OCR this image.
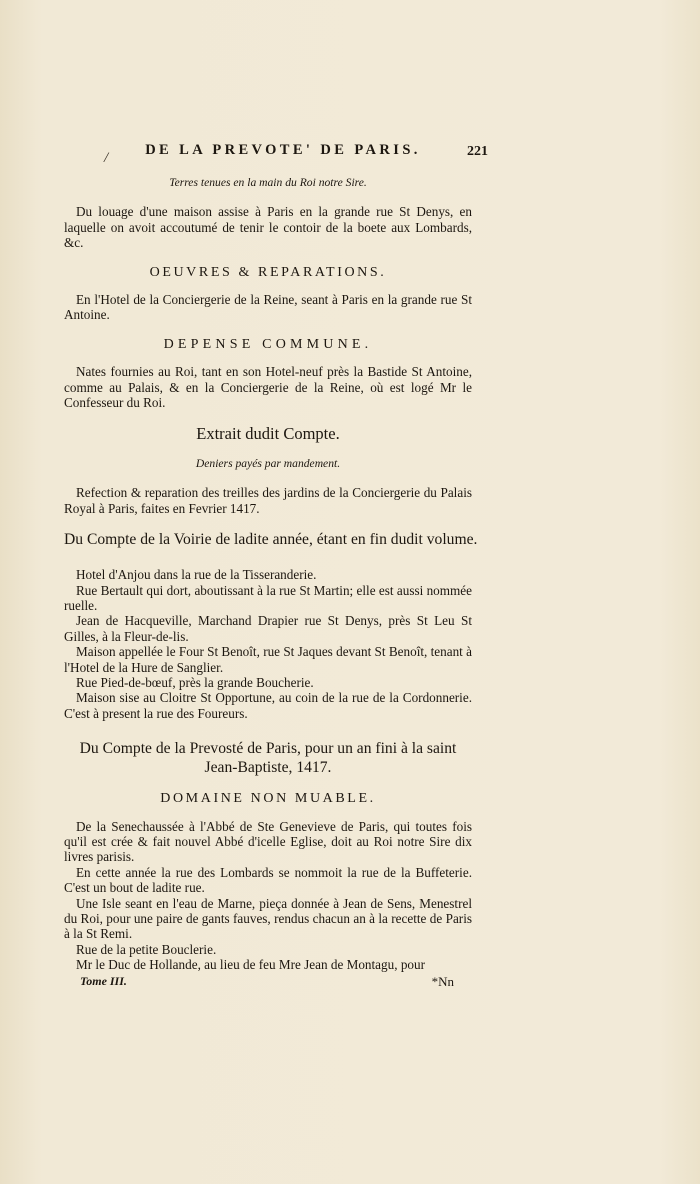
/	DE LA PREVOTE' DE PARIS.	221
Terres tenues en la main du Roi notre Sire.

Du louage d'une maison assise à Paris en la grande rue St Denys, en laquelle on avoit accoutumé de tenir le contoir de la boete aux Lombards, &c.

OEUVRES & REPARATIONS.

En l'Hotel de la Conciergerie de la Reine, seant à Paris en la grande rue St Antoine.

DEPENSE COMMUNE.

Nates fournies au Roi, tant en son Hotel-neuf près la Bastide St Antoine, comme au Palais, & en la Conciergerie de la Reine, où est logé Mr le Confesseur du Roi.

Extrait dudit Compte.
Deniers payés par mandement.

Refection & reparation des treilles des jardins de la Conciergerie du Palais Royal à Paris, faites en Fevrier 1417.

Du Compte de la Voirie de ladite année, étant en fin dudit volume.

Hotel d'Anjou dans la rue de la Tisseranderie.

Rue Bertault qui dort, aboutissant à la rue St Martin; elle est aussi nommée ruelle.

Jean de Hacqueville, Marchand Drapier rue St Denys, près St Leu St Gilles, à la Fleur-de-lis.

Maison appellée le Four St Benoît, rue St Jaques devant St Benoît, tenant à l'Hotel de la Hure de Sanglier.

Rue Pied-de-bœuf, près la grande Boucherie.

Maison sise au Cloitre St Opportune, au coin de la rue de la Cordonnerie. C'est à present la rue des Foureurs.

Du Compte de la Prevosté de Paris, pour un an fini à la saint Jean-Baptiste, 1417.
DOMAINE NON MUABLE.

De la Senechaussée à l'Abbé de Ste Genevieve de Paris, qui toutes fois qu'il est crée & fait nouvel Abbé d'icelle Eglise, doit au Roi notre Sire dix livres parisis.

En cette année la rue des Lombards se nommoit la rue de la Buffeterie. C'est un bout de ladite rue.

Une Isle seant en l'eau de Marne, pieça donnée à Jean de Sens, Menestrel du Roi, pour une paire de gants fauves, rendus chacun an à la recette de Paris à la St Remi.

Rue de la petite Bouclerie.

Mr le Duc de Hollande, au lieu de feu Mre Jean de Montagu, pour

Tome III.	*Nn
